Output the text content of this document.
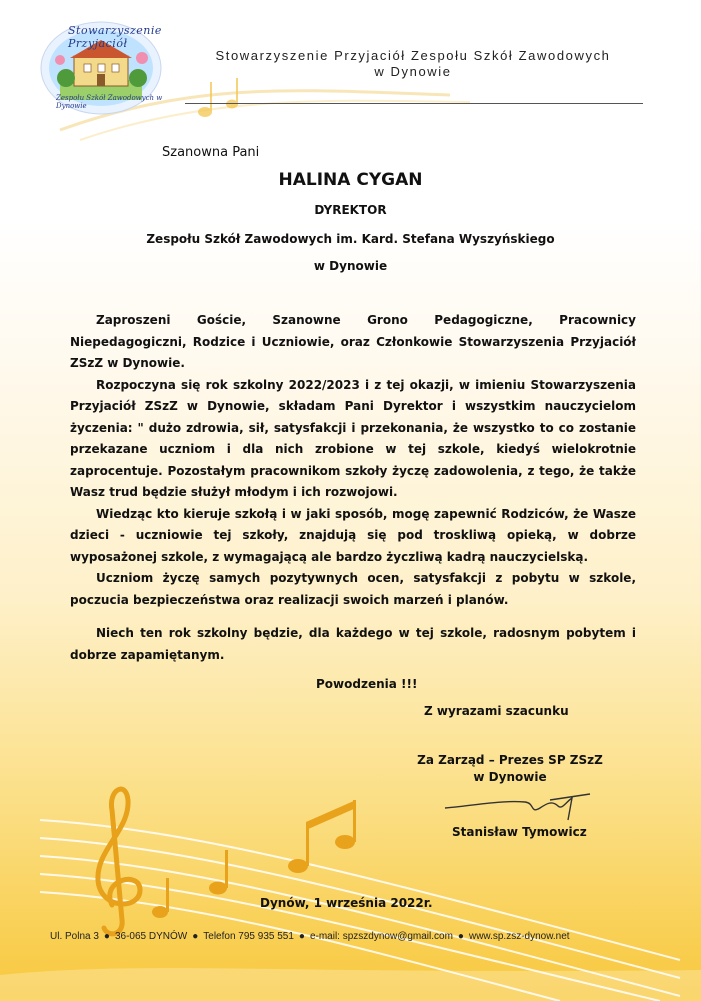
Stowarzyszenie Przyjaciół
Zespołu Szkół Zawodowych w Dynowie
Stowarzyszenie Przyjaciół Zespołu Szkół Zawodowych
w Dynowie
Szanowna Pani
HALINA CYGAN
DYREKTOR
Zespołu Szkół Zawodowych im. Kard. Stefana Wyszyńskiego
w Dynowie

Zaproszeni Goście, Szanowne Grono Pedagogiczne, Pracownicy Niepedagogiczni, Rodzice i Uczniowie, oraz Członkowie Stowarzyszenia Przyjaciół ZSzZ w Dynowie.

Rozpoczyna się rok szkolny 2022/2023 i z tej okazji, w imieniu Stowarzyszenia Przyjaciół ZSzZ w Dynowie, składam Pani Dyrektor i wszystkim nauczycielom życzenia: " dużo zdrowia, sił, satysfakcji i przekonania, że wszystko to co zostanie przekazane uczniom i dla nich zrobione w tej szkole, kiedyś wielokrotnie zaprocentuje. Pozostałym pracownikom szkoły życzę zadowolenia, z tego, że także Wasz trud będzie służył młodym i ich rozwojowi.

Wiedząc kto kieruje szkołą i w jaki sposób, mogę zapewnić Rodziców, że Wasze dzieci - uczniowie tej szkoły, znajdują się pod troskliwą opieką, w dobrze wyposażonej szkole, z wymagającą ale bardzo życzliwą kadrą nauczycielską.

Uczniom życzę samych pozytywnych ocen, satysfakcji z pobytu w szkole, poczucia bezpieczeństwa oraz realizacji swoich marzeń i planów.

Niech ten rok szkolny będzie, dla każdego w tej szkole, radosnym pobytem i dobrze zapamiętanym.

Powodzenia !!!
Z wyrazami szacunku
Za Zarząd – Prezes SP ZSzZ
w Dynowie
Stanisław Tymowicz
Dynów, 1 września 2022r.
Ul. Polna 3 ● 36-065 DYNÓW ● Telefon 795 935 551 ● e-mail: spzszdynow@gmail.com ● www.sp.zsz-dynow.net
